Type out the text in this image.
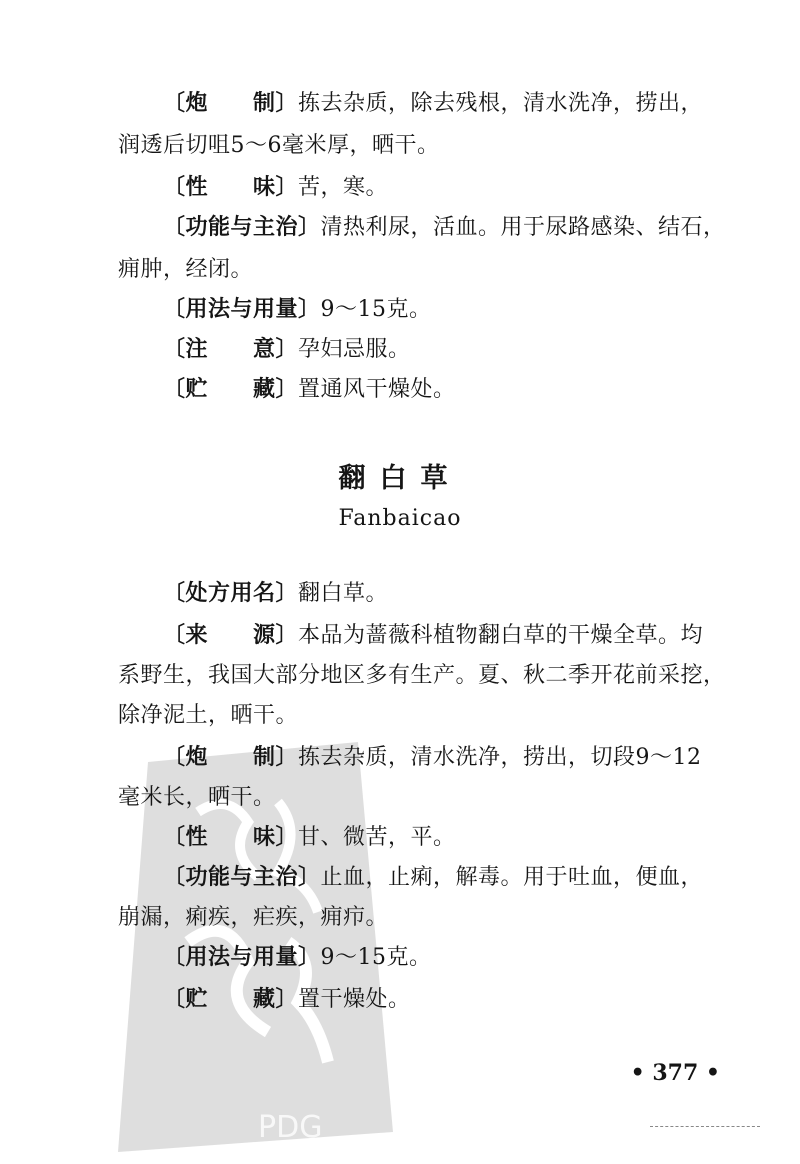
PDG
〔炮　　制〕拣去杂质，除去残根，清水洗净，捞出，
润透后切咀5～6毫米厚，晒干。
〔性　　味〕苦，寒。
〔功能与主治〕清热利尿，活血。用于尿路感染、结石，
痈肿，经闭。
〔用法与用量〕9～15克。
〔注　　意〕孕妇忌服。
〔贮　　藏〕置通风干燥处。
翻白草
Fanbaicao
〔处方用名〕翻白草。
〔来　　源〕本品为蔷薇科植物翻白草的干燥全草。均
系野生，我国大部分地区多有生产。夏、秋二季开花前采挖，
除净泥土，晒干。
〔炮　　制〕拣去杂质，清水洗净，捞出，切段9～12
毫米长，晒干。
〔性　　味〕甘、微苦，平。
〔功能与主治〕止血，止痢，解毒。用于吐血，便血，
崩漏，痢疾，疟疾，痈疖。
〔用法与用量〕9～15克。
〔贮　　藏〕置干燥处。
• 377 •
